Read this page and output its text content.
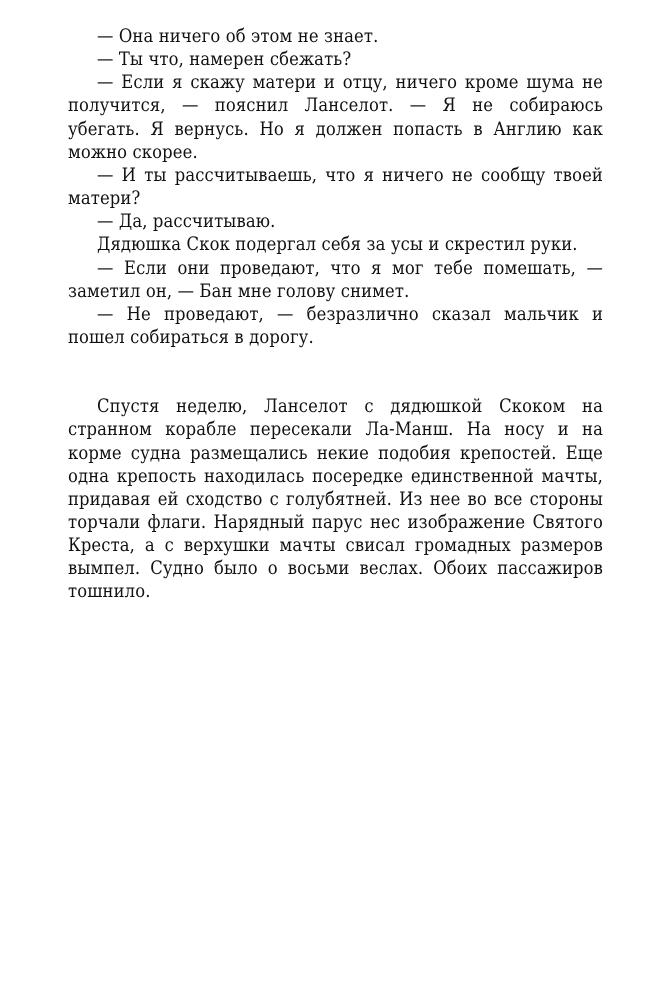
— Она ничего об этом не знает.

— Ты что, намерен сбежать?

— Если я скажу матери и отцу, ничего кроме шума не получится, — пояснил Ланселот. — Я не собираюсь убегать. Я вернусь. Но я должен попасть в Англию как можно скорее.

— И ты рассчитываешь, что я ничего не сообщу твоей матери?

— Да, рассчитываю.

Дядюшка Скок подергал себя за усы и скрестил руки.

— Если они проведают, что я мог тебе помешать, — заметил он, — Бан мне голову снимет.

— Не проведают, — безразлично сказал мальчик и пошел собираться в дорогу.

Спустя неделю, Ланселот с дядюшкой Скоком на странном корабле пересекали Ла-Манш. На носу и на корме судна размещались некие подобия крепостей. Еще одна крепость находилась посередке единственной мачты, придавая ей сходство с голубятней. Из нее во все стороны торчали флаги. Нарядный парус нес изображение Святого Креста, а с верхушки мачты свисал громадных размеров вымпел. Судно было о восьми веслах. Обоих пассажиров тошнило.
